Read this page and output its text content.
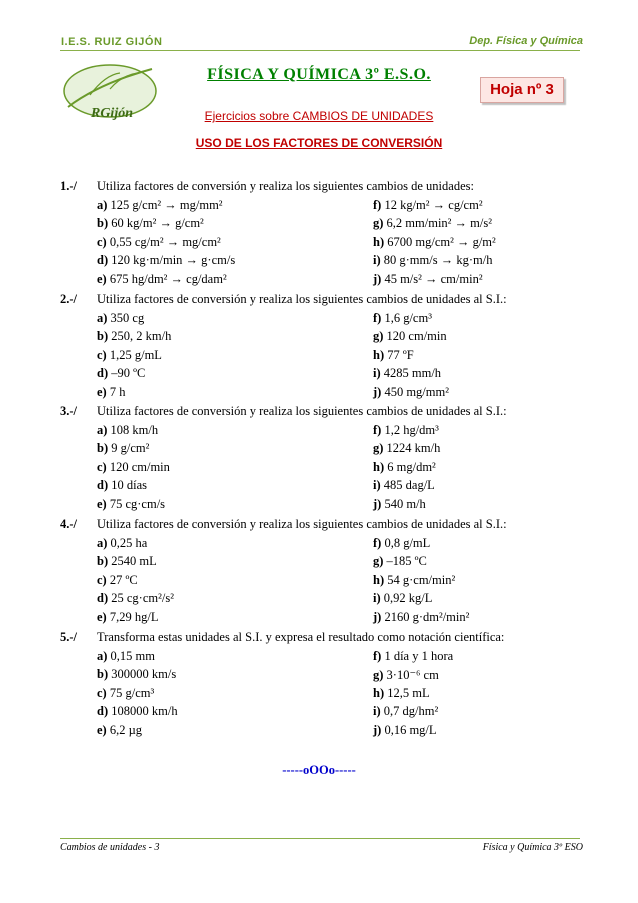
I.E.S. RUIZ GIJÓN	Dep. Física y Química
RGijón
FÍSICA Y QUÍMICA 3º E.S.O.
Hoja nº 3
Ejercicios sobre CAMBIOS DE UNIDADES
USO DE LOS FACTORES DE CONVERSIÓN
1.-/ Utiliza factores de conversión y realiza los siguientes cambios de unidades:
a) 125 g/cm² → mg/mm²
b) 60 kg/m² → g/cm²
c) 0,55 cg/m² → mg/cm²
d) 120 kg·m/min → g·cm/s
e) 675 hg/dm² → cg/dam²
f) 12 kg/m² → cg/cm²
g) 6,2 mm/min² → m/s²
h) 6700 mg/cm² → g/m²
i) 80 g·mm/s → kg·m/h
j) 45 m/s² → cm/min²
2.-/ Utiliza factores de conversión y realiza los siguientes cambios de unidades al S.I.:
a) 350 cg
b) 250, 2 km/h
c) 1,25 g/mL
d) –90 ºC
e) 7 h
f) 1,6 g/cm³
g) 120 cm/min
h) 77 ºF
i) 4285 mm/h
j) 450 mg/mm²
3.-/ Utiliza factores de conversión y realiza los siguientes cambios de unidades al S.I.:
a) 108 km/h
b) 9 g/cm²
c) 120 cm/min
d) 10 días
e) 75 cg·cm/s
f) 1,2 hg/dm³
g) 1224 km/h
h) 6 mg/dm²
i) 485 dag/L
j) 540 m/h
4.-/ Utiliza factores de conversión y realiza los siguientes cambios de unidades al S.I.:
a) 0,25 ha
b) 2540 mL
c) 27 ºC
d) 25 cg·cm²/s²
e) 7,29 hg/L
f) 0,8 g/mL
g) –185 ºC
h) 54 g·cm/min²
i) 0,92 kg/L
j) 2160 g·dm²/min²
5.-/ Transforma estas unidades al S.I. y expresa el resultado como notación científica:
a) 0,15 mm
b) 300000 km/s
c) 75 g/cm³
d) 108000 km/h
e) 6,2 µg
f) 1 día y 1 hora
g) 3·10⁻⁶ cm
h) 12,5 mL
i) 0,7 dg/hm²
j) 0,16 mg/L
-----oOOo-----
Cambios de unidades - 3	Física y Química 3º ESO
